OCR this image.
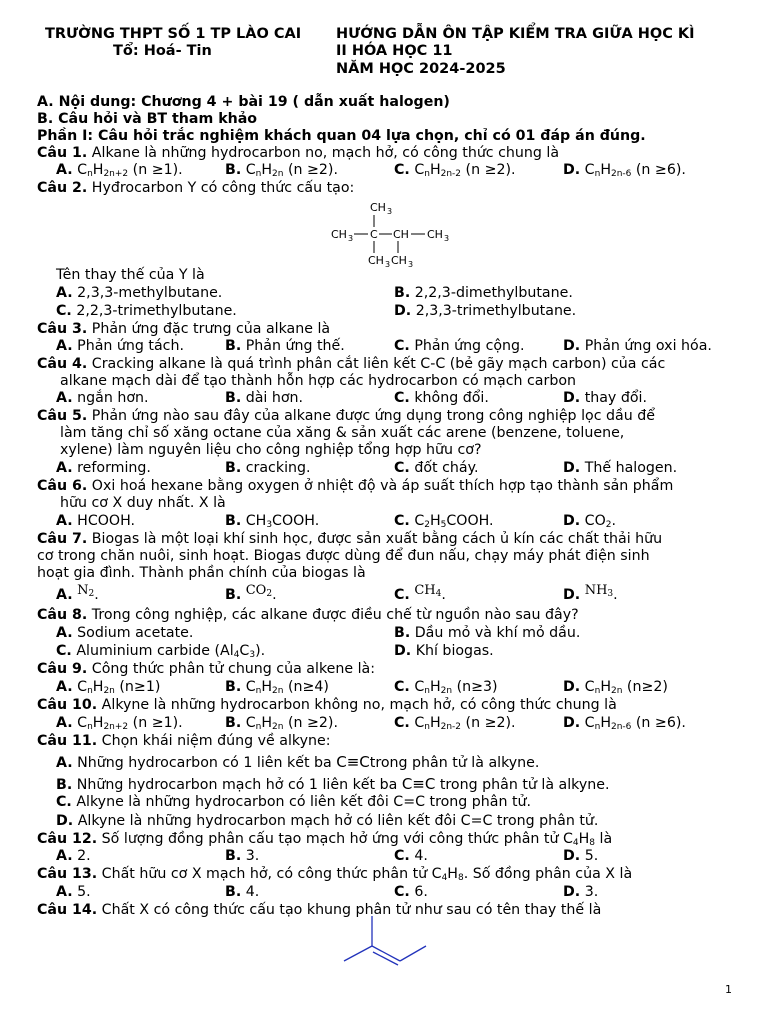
TRƯỜNG THPT SỐ 1 TP LÀO CAI
Tổ: Hoá- Tin
HƯỚNG DẪN ÔN TẬP KIỂM TRA GIỮA HỌC KÌ
II HÓA HỌC 11
NĂM HỌC 2024-2025
A. Nội dung: Chương 4 + bài 19 ( dẫn xuất halogen)
B. Câu hỏi và BT tham khảo
Phần I: Câu hỏi trắc nghiệm khách quan 04 lựa chọn, chỉ có 01 đáp án đúng.
Câu 1. Alkane là những hydrocarbon no, mạch hở, có công thức chung là
A. $C_nH_{2n+2}$ (n ≥1).	B. $C_nH_{2n}$ (n ≥2).	C. $C_nH_{2n-2}$ (n ≥2).	D. $C_nH_{2n-6}$ (n ≥6).
Câu 2. Hyđrocarbon Y có công thức cấu tạo:
CH 3
CH 3 C CH CH 3
CH 3 CH 3
Tên thay thế của Y là
A. 2,3,3-methylbutane.	B. 2,2,3-dimethylbutane.
C. 2,2,3-trimethylbutane.	D. 2,3,3-trimethylbutane.
Câu 3. Phản ứng đặc trưng của alkane là
A. Phản ứng tách.	B. Phản ứng thế.	C. Phản ứng cộng.	D. Phản ứng oxi hóa.
Câu 4. Cracking alkane là quá trình phân cắt liên kết C-C (bẻ gãy mạch carbon) của các
alkane mạch dài để tạo thành hỗn hợp các hydrocarbon có mạch carbon
A. ngắn hơn.	B. dài hơn.	C. không đổi.	D. thay đổi.
Câu 5. Phản ứng nào sau đây của alkane được ứng dụng trong công nghiệp lọc dầu để
làm tăng chỉ số xăng octane của xăng & sản xuất các arene (benzene, toluene,
xylene) làm nguyên liệu cho công nghiệp tổng hợp hữu cơ?
A. reforming.	B. cracking.	C. đốt cháy.	D. Thế halogen.
Câu 6. Oxi hoá hexane bằng oxygen ở nhiệt độ và áp suất thích hợp tạo thành sản phẩm
hữu cơ X duy nhất. X là
A. HCOOH.	B. $CH_3COOH$.	C. $C_2H_5COOH$.	D. $CO_2$.
Câu 7. Biogas là một loại khí sinh học, được sản xuất bằng cách ủ kín các chất thải hữu
cơ trong chăn nuôi, sinh hoạt. Biogas được dùng để đun nấu, chạy máy phát điện sinh
hoạt gia đình. Thành phần chính của biogas là
A. $N_2$.	B. $CO_2$.	C. $CH_4$.	D. $NH_3$.
Câu 8. Trong công nghiệp, các alkane được điều chế từ nguồn nào sau đây?
A. Sodium acetate.	B. Dầu mỏ và khí mỏ dầu.
C. Aluminium carbide $(Al_4C_3)$.	D. Khí biogas.
Câu 9. Công thức phân tử chung của alkene là:
A. $C_nH_{2n}$ (n≥1)	B. $C_nH_{2n}$ (n≥4)	C. $C_nH_{2n}$ (n≥3)	D. $C_nH_{2n}$ (n≥2)
Câu 10. Alkyne là những hydrocarbon không no, mạch hở, có công thức chung là
A. $C_nH_{2n+2}$ (n ≥1).	B. $C_nH_{2n}$ (n ≥2).	C. $C_nH_{2n-2}$ (n ≥2).	D. $C_nH_{2n-6}$ (n ≥6).
Câu 11. Chọn khái niệm đúng về alkyne:
A. Những hydrocarbon có 1 liên kết ba C≡Ctrong phân tử là alkyne.
B. Những hydrocarbon mạch hở có 1 liên kết ba C≡C trong phân tử là alkyne.
C. Alkyne là những hydrocarbon có liên kết đôi C=C trong phân tử.
D. Alkyne là những hydrocarbon mạch hở có liên kết đôi C=C trong phân tử.
Câu 12. Số lượng đồng phân cấu tạo mạch hở ứng với công thức phân tử $C_4H_8$ là
A. 2.	B. 3.	C. 4.	D. 5.
Câu 13. Chất hữu cơ X mạch hở, có công thức phân tử $C_4H_8$. Số đồng phân của X là
A. 5.	B. 4.	C. 6.	D. 3.
Câu 14. Chất X có công thức cấu tạo khung phân tử như sau có tên thay thế là
1
